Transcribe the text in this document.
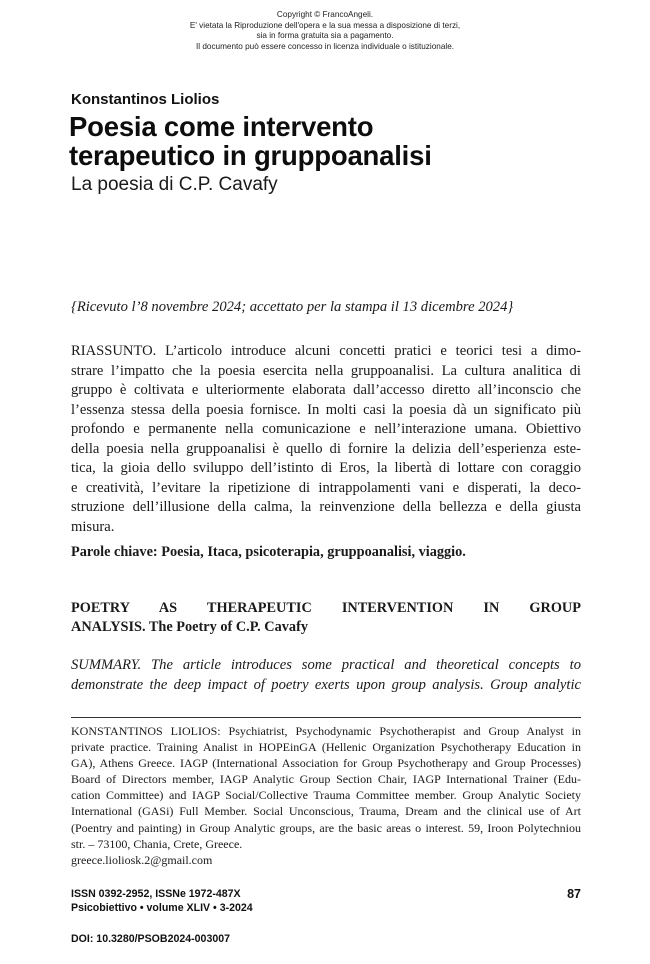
Copyright © FrancoAngeli.
E' vietata la Riproduzione dell'opera e la sua messa a disposizione di terzi,
sia in forma gratuita sia a pagamento.
Il documento può essere concesso in licenza individuale o istituzionale.
Konstantinos Liolios
Poesia come intervento
terapeutico in gruppoanalisi
La poesia di C.P. Cavafy
{Ricevuto l’8 novembre 2024; accettato per la stampa il 13 dicembre 2024}
RIASSUNTO. L’articolo introduce alcuni concetti pratici e teorici tesi a dimo-
strare l’impatto che la poesia esercita nella gruppoanalisi. La cultura analitica di
gruppo è coltivata e ulteriormente elaborata dall’accesso diretto all’inconscio che
l’essenza stessa della poesia fornisce. In molti casi la poesia dà un significato più
profondo e permanente nella comunicazione e nell’interazione umana. Obiettivo
della poesia nella gruppoanalisi è quello di fornire la delizia dell’esperienza este-
tica, la gioia dello sviluppo dell’istinto di Eros, la libertà di lottare con coraggio
e creatività, l’evitare la ripetizione di intrappolamenti vani e disperati, la deco-
struzione dell’illusione della calma, la reinvenzione della bellezza e della giusta
misura.
Parole chiave: Poesia, Itaca, psicoterapia, gruppoanalisi, viaggio.
POETRY AS THERAPEUTIC INTERVENTION IN GROUP
ANALYSIS. The Poetry of C.P. Cavafy
SUMMARY. The article introduces some practical and theoretical concepts to
demonstrate the deep impact of poetry exerts upon group analysis. Group analytic
KONSTANTINOS LIOLIOS: Psychiatrist, Psychodynamic Psychotherapist and Group Analyst in
private practice. Training Analist in HOPEinGA (Hellenic Organization Psychotherapy Education in
GA), Athens Greece. IAGP (International Association for Group Psychotherapy and Group Processes)
Board of Directors member, IAGP Analytic Group Section Chair, IAGP International Trainer (Edu-
cation Committee) and IAGP Social/Collective Trauma Committee member. Group Analytic Society
International (GASi) Full Member. Social Unconscious, Trauma, Dream and the clinical use of Art
(Poentry and painting) in Group Analytic groups, are the basic areas o interest. 59, Iroon Polytechniou
str. – 73100, Chania, Crete, Greece.
greece.lioliosk.2@gmail.com
ISSN 0392-2952, ISSNe 1972-487X
Psicobiettivo • volume XLIV • 3-2024
87
DOI: 10.3280/PSOB2024-003007
